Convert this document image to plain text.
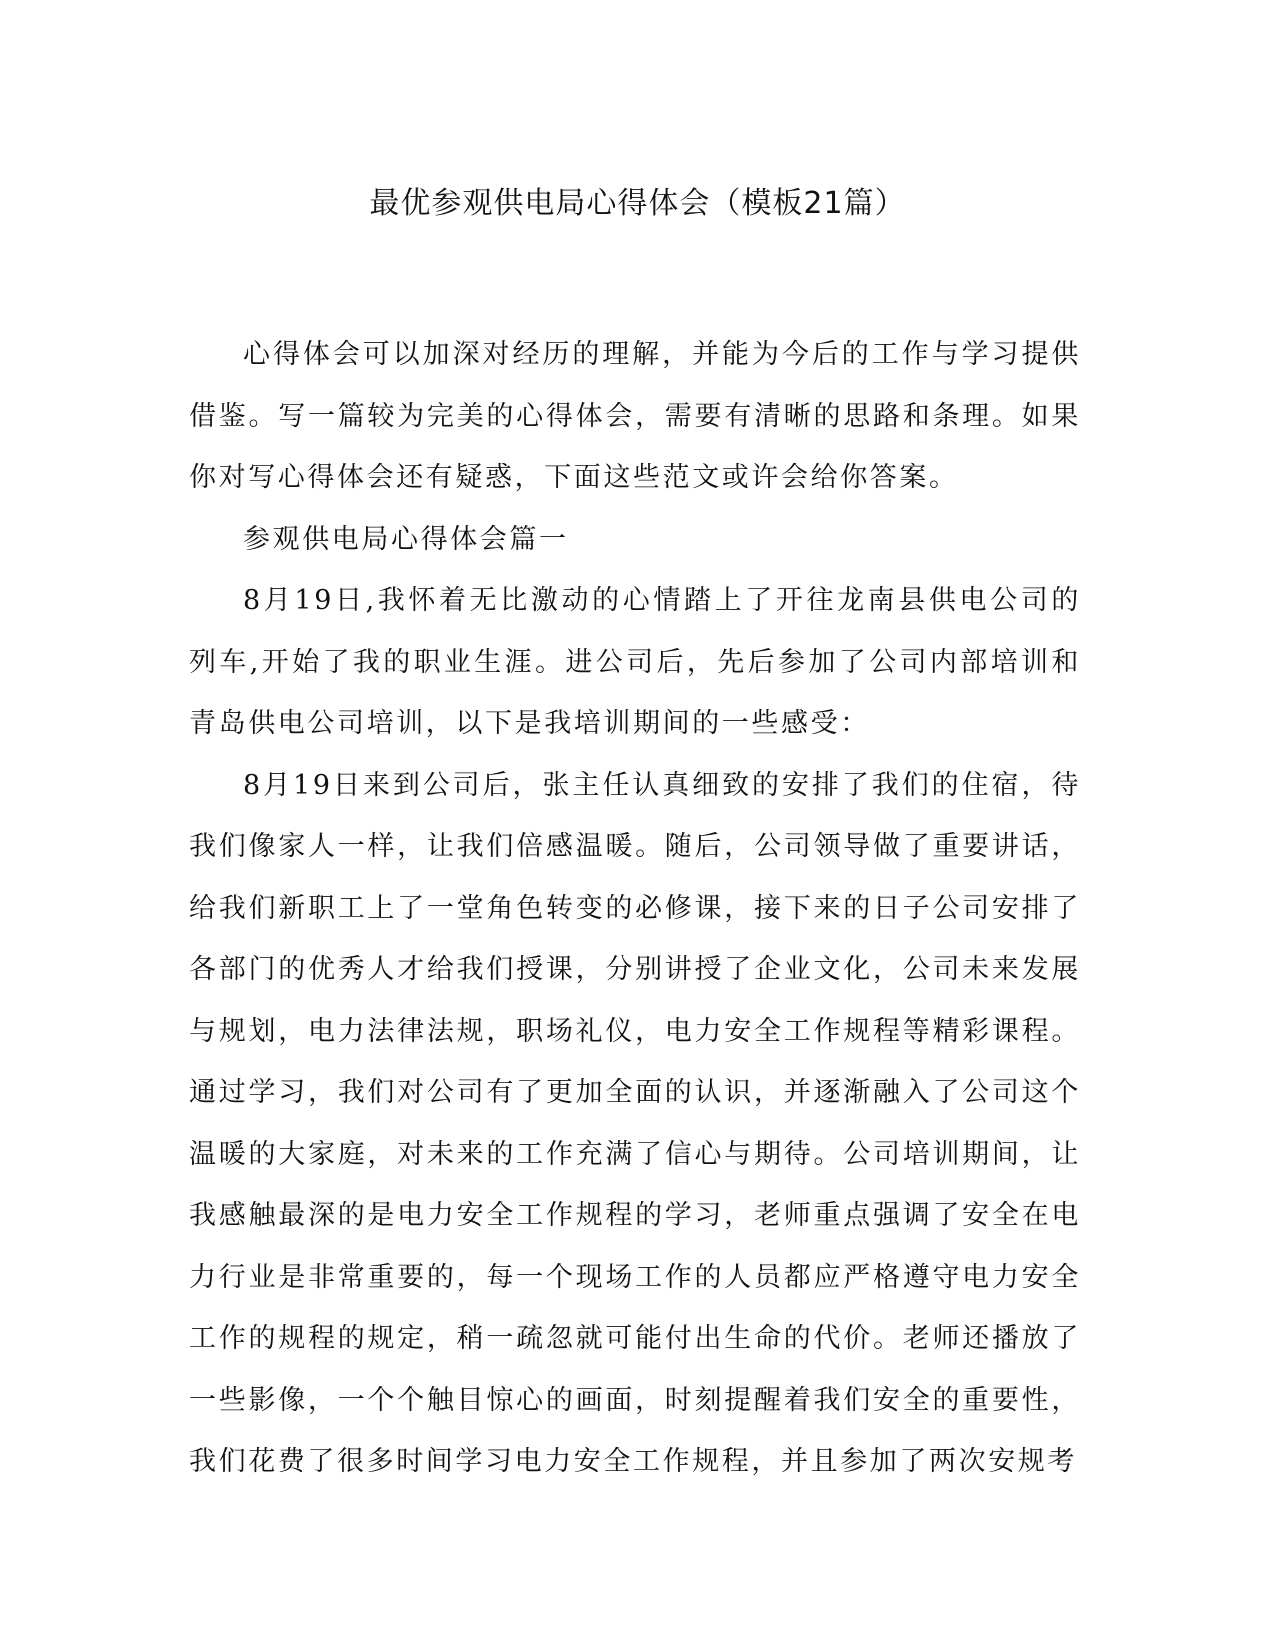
最优参观供电局心得体会（模板21篇）

心得体会可以加深对经历的理解，并能为今后的工作与学习提供借鉴。写一篇较为完美的心得体会，需要有清晰的思路和条理。如果你对写心得体会还有疑惑，下面这些范文或许会给你答案。

参观供电局心得体会篇一

8月19日,我怀着无比激动的心情踏上了开往龙南县供电公司的列车,开始了我的职业生涯。进公司后，先后参加了公司内部培训和青岛供电公司培训，以下是我培训期间的一些感受：

8月19日来到公司后，张主任认真细致的安排了我们的住宿，待我们像家人一样，让我们倍感温暖。随后，公司领导做了重要讲话，给我们新职工上了一堂角色转变的必修课，接下来的日子公司安排了各部门的优秀人才给我们授课，分别讲授了企业文化，公司未来发展与规划，电力法律法规，职场礼仪，电力安全工作规程等精彩课程。通过学习，我们对公司有了更加全面的认识，并逐渐融入了公司这个温暖的大家庭，对未来的工作充满了信心与期待。公司培训期间，让我感触最深的是电力安全工作规程的学习，老师重点强调了安全在电力行业是非常重要的，每一个现场工作的人员都应严格遵守电力安全工作的规程的规定，稍一疏忽就可能付出生命的代价。老师还播放了一些影像，一个个触目惊心的画面，时刻提醒着我们安全的重要性，我们花费了很多时间学习电力安全工作规程，并且参加了两次安规考
